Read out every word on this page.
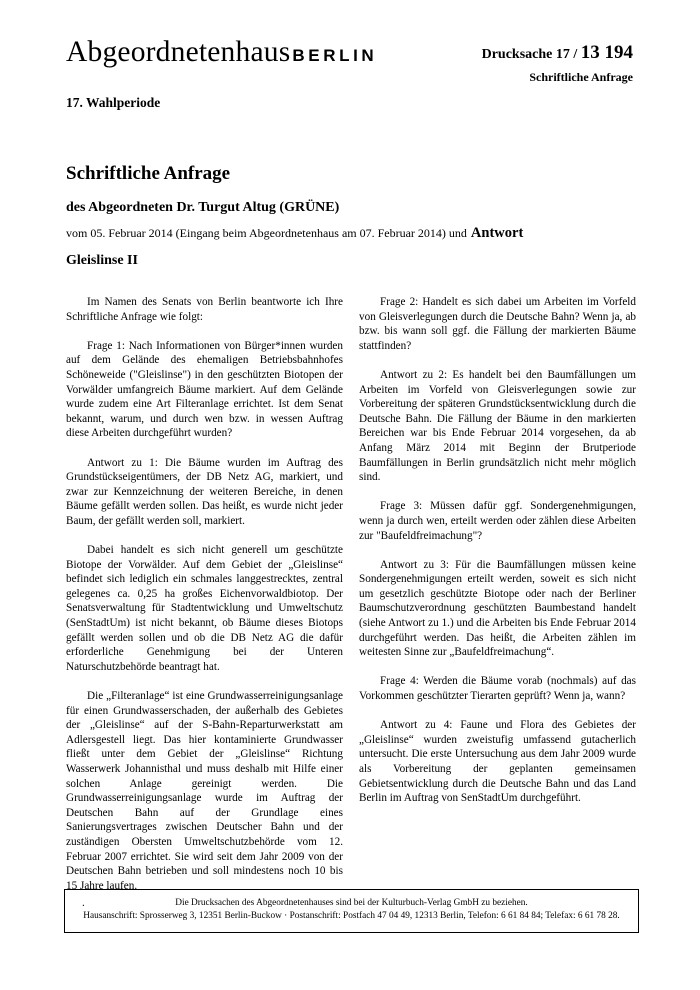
Abgeordnetenhaus BERLIN	Drucksache 17 / 13 194
Schriftliche Anfrage
17. Wahlperiode
Schriftliche Anfrage
des Abgeordneten Dr. Turgut Altug (GRÜNE)
vom 05. Februar 2014 (Eingang beim Abgeordnetenhaus am 07. Februar 2014) und Antwort
Gleislinse II

Im Namen des Senats von Berlin beantworte ich Ihre Schriftliche Anfrage wie folgt:

Frage 1: Nach Informationen von Bürger*innen wurden auf dem Gelände des ehemaligen Betriebsbahnhofes Schöneweide ("Gleislinse") in den geschützten Biotopen der Vorwälder umfangreich Bäume markiert. Auf dem Gelände wurde zudem eine Art Filteranlage errichtet. Ist dem Senat bekannt, warum, und durch wen bzw. in wessen Auftrag diese Arbeiten durchgeführt wurden?

Antwort zu 1: Die Bäume wurden im Auftrag des Grundstückseigentümers, der DB Netz AG, markiert, und zwar zur Kennzeichnung der weiteren Bereiche, in denen Bäume gefällt werden sollen. Das heißt, es wurde nicht jeder Baum, der gefällt werden soll, markiert.

Dabei handelt es sich nicht generell um geschützte Biotope der Vorwälder. Auf dem Gebiet der „Gleislinse“ befindet sich lediglich ein schmales langgestrecktes, zentral gelegenes ca. 0,25 ha großes Eichenvorwaldbiotop. Der Senatsverwaltung für Stadtentwicklung und Umweltschutz (SenStadtUm) ist nicht bekannt, ob Bäume dieses Biotops gefällt werden sollen und ob die DB Netz AG die dafür erforderliche Genehmigung bei der Unteren Naturschutzbehörde beantragt hat.

Die „Filteranlage“ ist eine Grundwasserreinigungsanlage für einen Grundwasserschaden, der außerhalb des Gebietes der „Gleislinse“ auf der S-Bahn-Reparturwerkstatt am Adlersgestell liegt. Das hier kontaminierte Grundwasser fließt unter dem Gebiet der „Gleislinse“ Richtung Wasserwerk Johannisthal und muss deshalb mit Hilfe einer solchen Anlage gereinigt werden. Die Grundwasserreinigungsanlage wurde im Auftrag der Deutschen Bahn auf der Grundlage eines Sanierungsvertrages zwischen Deutscher Bahn und der zuständigen Obersten Umweltschutzbehörde vom 12. Februar 2007 errichtet. Sie wird seit dem Jahr 2009 von der Deutschen Bahn betrieben und soll mindestens noch 10 bis 15 Jahre laufen.

.

Frage 2: Handelt es sich dabei um Arbeiten im Vorfeld von Gleisverlegungen durch die Deutsche Bahn? Wenn ja, ab bzw. bis wann soll ggf. die Fällung der markierten Bäume stattfinden?

Antwort zu 2: Es handelt bei den Baumfällungen um Arbeiten im Vorfeld von Gleisverlegungen sowie zur Vorbereitung der späteren Grundstücksentwicklung durch die Deutsche Bahn. Die Fällung der Bäume in den markierten Bereichen war bis Ende Februar 2014 vorgesehen, da ab Anfang März 2014 mit Beginn der Brutperiode Baumfällungen in Berlin grundsätzlich nicht mehr möglich sind.

Frage 3: Müssen dafür ggf. Sondergenehmigungen, wenn ja durch wen, erteilt werden oder zählen diese Arbeiten zur "Baufeldfreimachung"?

Antwort zu 3: Für die Baumfällungen müssen keine Sondergenehmigungen erteilt werden, soweit es sich nicht um gesetzlich geschützte Biotope oder nach der Berliner Baumschutzverordnung geschützten Baumbestand handelt (siehe Antwort zu 1.) und die Arbeiten bis Ende Februar 2014 durchgeführt werden. Das heißt, die Arbeiten zählen im weitesten Sinne zur „Baufeldfreimachung“.

Frage 4: Werden die Bäume vorab (nochmals) auf das Vorkommen geschützter Tierarten geprüft? Wenn ja, wann?

Antwort zu 4: Faune und Flora des Gebietes der „Gleislinse“ wurden zweistufig umfassend gutacherlich untersucht. Die erste Untersuchung aus dem Jahr 2009 wurde als Vorbereitung der geplanten gemeinsamen Gebietsentwicklung durch die Deutsche Bahn und das Land Berlin im Auftrag von SenStadtUm durchgeführt.

Die Drucksachen des Abgeordnetenhauses sind bei der Kulturbuch-Verlag GmbH zu beziehen.
Hausanschrift: Sprosserweg 3, 12351 Berlin-Buckow · Postanschrift: Postfach 47 04 49, 12313 Berlin, Telefon: 6 61 84 84; Telefax: 6 61 78 28.
